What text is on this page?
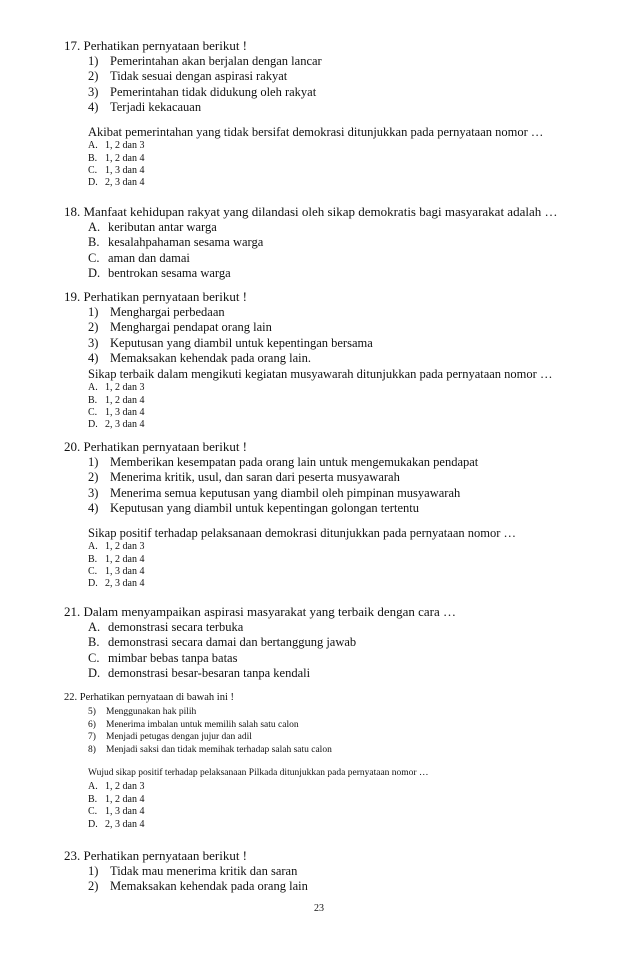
17. Perhatikan pernyataan berikut !
1) Pemerintahan akan berjalan dengan lancar
2) Tidak sesuai dengan aspirasi rakyat
3) Pemerintahan tidak didukung oleh rakyat
4) Terjadi kekacauan
Akibat pemerintahan yang tidak bersifat demokrasi ditunjukkan pada pernyataan nomor …
A. 1, 2 dan 3
B. 1, 2 dan 4
C. 1, 3 dan 4
D. 2, 3 dan 4
18. Manfaat kehidupan rakyat yang dilandasi oleh sikap demokratis bagi masyarakat adalah …
A. keributan antar warga
B. kesalahpahaman sesama warga
C. aman dan damai
D. bentrokan sesama warga
19. Perhatikan pernyataan berikut !
1) Menghargai perbedaan
2) Menghargai pendapat orang lain
3) Keputusan yang diambil untuk kepentingan bersama
4) Memaksakan kehendak pada orang lain.
Sikap terbaik dalam mengikuti kegiatan musyawarah ditunjukkan pada pernyataan nomor …
A. 1, 2 dan 3
B. 1, 2 dan 4
C. 1, 3 dan 4
D. 2, 3 dan 4
20. Perhatikan pernyataan berikut !
1) Memberikan kesempatan pada orang lain untuk mengemukakan pendapat
2) Menerima kritik, usul, dan saran dari peserta musyawarah
3) Menerima semua keputusan yang diambil oleh pimpinan musyawarah
4) Keputusan yang diambil untuk kepentingan golongan tertentu
Sikap positif terhadap pelaksanaan demokrasi ditunjukkan pada pernyataan nomor …
A. 1, 2 dan 3
B. 1, 2 dan 4
C. 1, 3 dan 4
D. 2, 3 dan 4
21. Dalam menyampaikan aspirasi masyarakat yang terbaik dengan cara …
A. demonstrasi secara terbuka
B. demonstrasi secara damai dan bertanggung jawab
C. mimbar bebas tanpa batas
D. demonstrasi besar-besaran tanpa kendali
22. Perhatikan pernyataan di bawah ini !
5) Menggunakan hak pilih
6) Menerima imbalan untuk memilih salah satu calon
7) Menjadi petugas dengan jujur dan adil
8) Menjadi saksi dan tidak memihak terhadap salah satu calon
Wujud sikap positif terhadap pelaksanaan Pilkada ditunjukkan pada pernyataan nomor …
A. 1, 2 dan 3
B. 1, 2 dan 4
C. 1, 3 dan 4
D. 2, 3 dan 4
23. Perhatikan pernyataan berikut !
1) Tidak mau menerima kritik dan saran
2) Memaksakan kehendak pada orang lain
23
